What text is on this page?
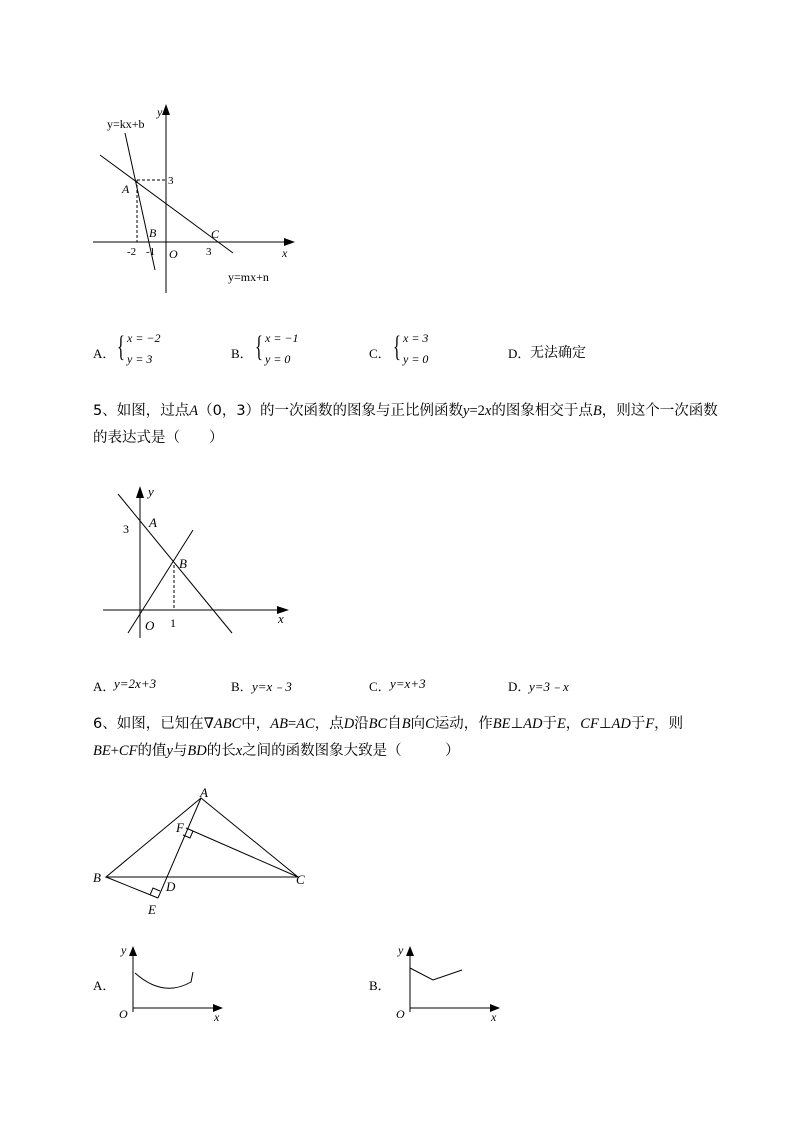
y=kx+b
y
3
A
B	C
-2 -1 O	3	x
y=mx+n
A． { x = −2
y = 3	B． { x = −1
y = 0	C． { x = 3
y = 0	D． 无法确定
5、如图，过点A（0，3）的一次函数的图象与正比例函数y=2x的图象相交于点B，则这个一次函数
的表达式是（　　）
y
A
3
B
O 1	x
A．
y=2x+3	B． y=x﹣3	C． y=x+3	D．
y=3﹣x
6、如图，已知在∇ABC中，AB=AC，点D沿BC自B向C运动，作BE⊥AD于E，CF⊥AD于F，则
BE+CF的值y与BD的长x之间的函数图象大致是（　　　）
A
F
B
D	C
E
A．
y
O	x
B．
y
O	x
